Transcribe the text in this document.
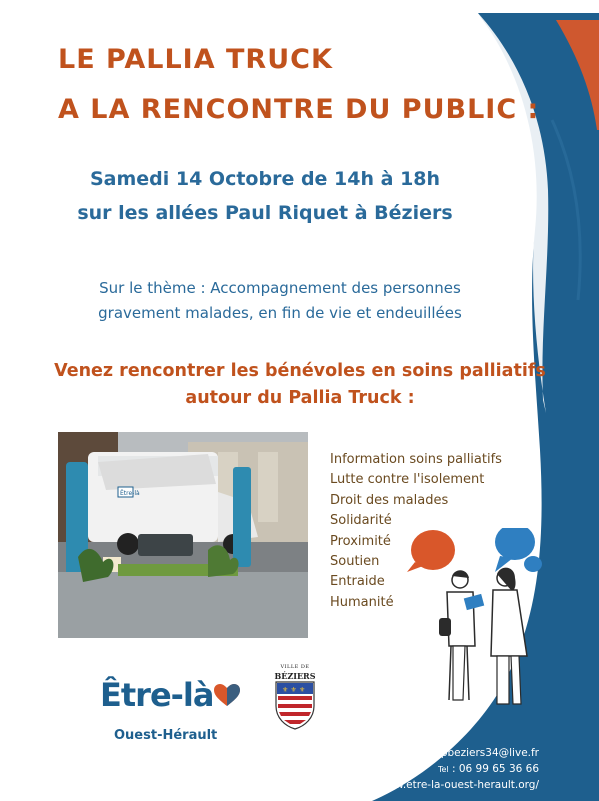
LE PALLIA TRUCK
A LA RENCONTRE DU PUBLIC :
Samedi 14 Octobre de 14h à 18h
sur les allées Paul Riquet à Béziers
Sur le thème : Accompagnement des personnes
gravement malades, en fin de vie et endeuillées
Venez rencontrer les bénévoles en soins palliatifs
autour du Pallia Truck :
Être-là
Information soins palliatifs
Lutte contre l'isolement
Droit des malades
Solidarité
Proximité
Soutien
Entraide
Humanité
Être-là
Ouest-Hérault
⚜ ⚜ ⚜
VILLE DE
BÉZIERS
Adresse mail : aspbeziers34@live.fr
Tel : 06 99 65 36 66
https://www.etre-la-ouest-herault.org/
